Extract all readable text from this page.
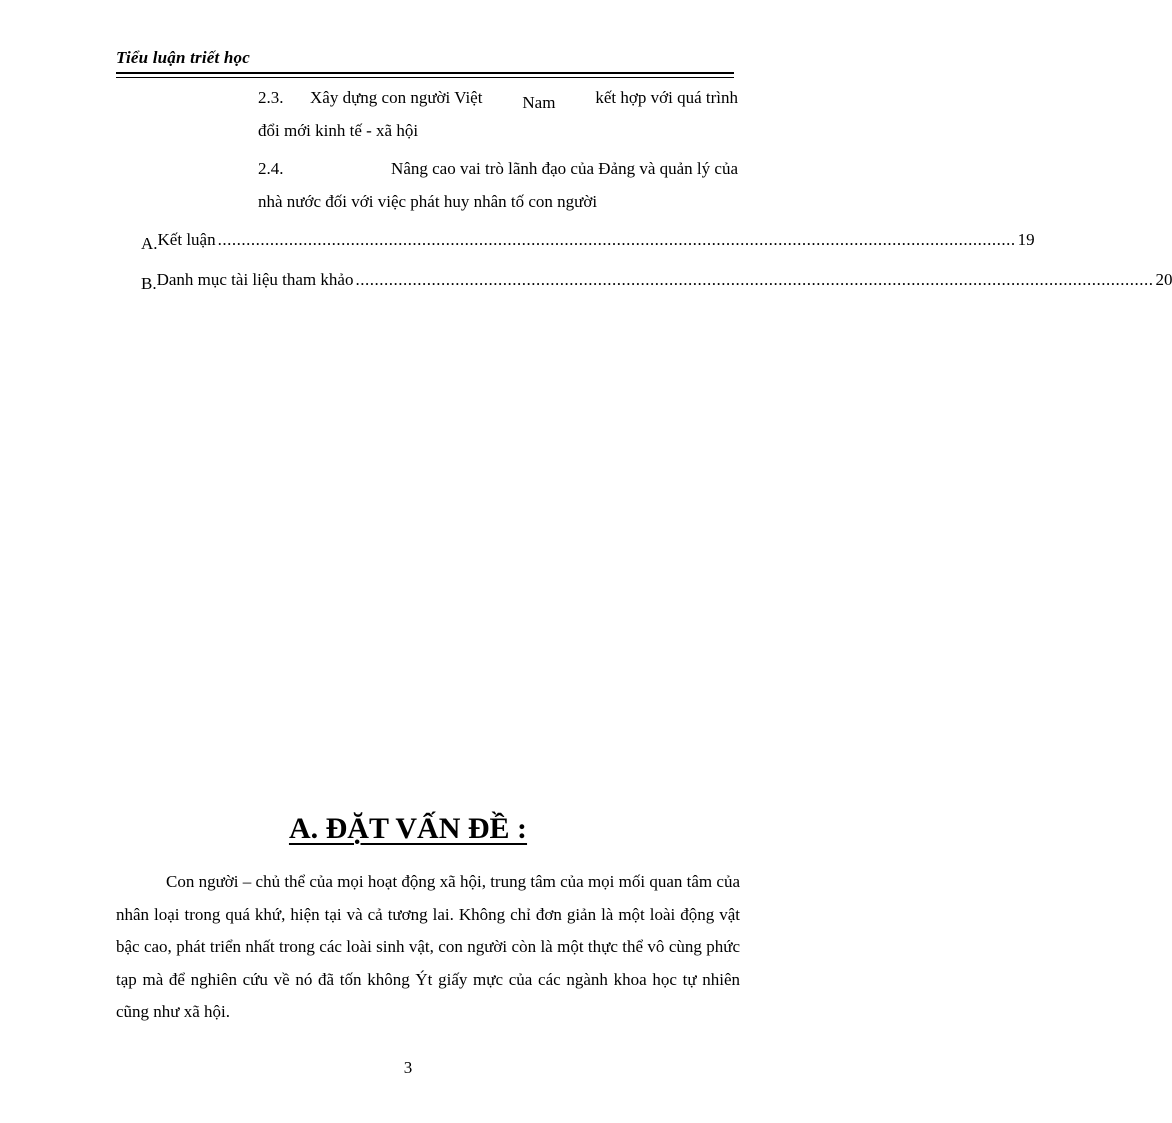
Tiểu luận triết học
2.3. Xây dựng con người Việt Nam kết hợp với quá trình
đổi mới kinh tế - xã hội
2.4.	Nâng cao vai trò lãnh đạo của Đảng và quản lý của
nhà nước đối với việc phát huy nhân tố con người
A. Kết luận ........................................................................................................................................................................ 19
B. Danh mục tài liệu tham khảo ........................................................................................................................................................................ 20
A. ĐẶT VẤN ĐỀ :
Con người – chủ thể của mọi hoạt động xã hội, trung tâm của mọi mối quan tâm của nhân loại trong quá khứ, hiện tại và cả tương lai. Không chỉ đơn giản là một loài động vật bậc cao, phát triển nhất trong các loài sinh vật, con người còn là một thực thể vô cùng phức tạp mà để nghiên cứu về nó đã tốn không Ýt giấy mực của các ngành khoa học tự nhiên cũng như xã hội.
3
